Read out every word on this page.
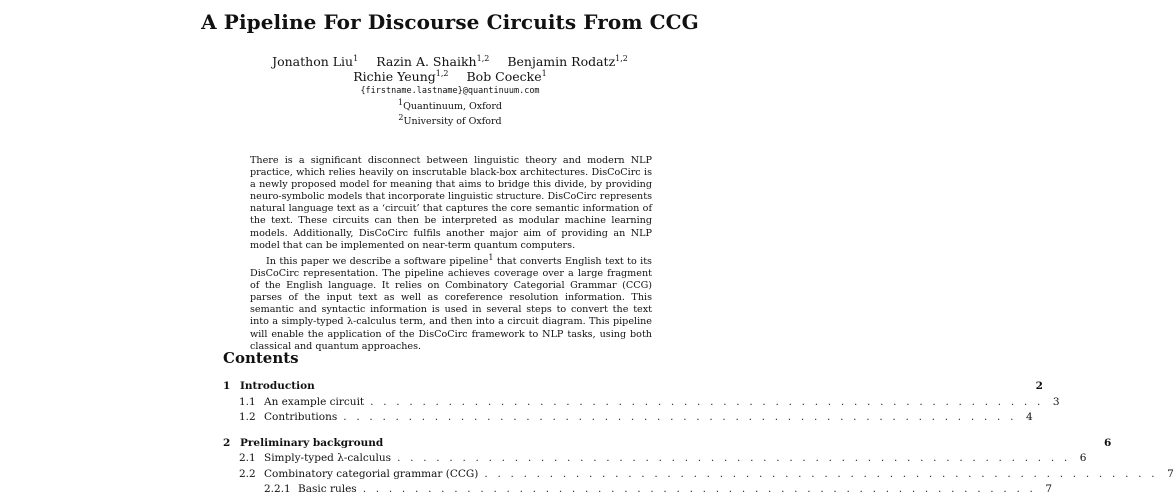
A Pipeline For Discourse Circuits From CCG
Jonathon Liu$^1$ Razin A. Shaikh$^{1,2}$ Benjamin Rodatz$^{1,2}$
Richie Yeung$^{1,2}$ Bob Coecke$^1$
{firstname.lastname}@quantinuum.com
$^1$Quantinuum, Oxford
$^2$University of Oxford

There is a significant disconnect between linguistic theory and modern NLP practice, which relies heavily on inscrutable black-box architectures. DisCoCirc is a newly proposed model for meaning that aims to bridge this divide, by providing neuro-symbolic models that incorporate linguistic structure. DisCoCirc represents natural language text as a ‘circuit’ that captures the core semantic information of the text. These circuits can then be interpreted as modular machine learning models. Additionally, DisCoCirc fulfils another major aim of providing an NLP model that can be implemented on near-term quantum computers.

In this paper we describe a software pipeline$^1$ that converts English text to its DisCoCirc representation. The pipeline achieves coverage over a large fragment of the English language. It relies on Combinatory Categorial Grammar (CCG) parses of the input text as well as coreference resolution information. This semantic and syntactic information is used in several steps to convert the text into a simply-typed λ-calculus term, and then into a circuit diagram. This pipeline will enable the application of the DisCoCirc framework to NLP tasks, using both classical and quantum approaches.

Contents
1 Introduction	2
1.1 An example circuit . . . . . . . . . . . . . . . . . . . . . . . . . . . . . . . . . . . . . . . . . . . . . . . . . . . . 3
1.2 Contributions . . . . . . . . . . . . . . . . . . . . . . . . . . . . . . . . . . . . . . . . . . . . . . . . . . . . 4
2 Preliminary background	6
2.1 Simply-typed λ-calculus . . . . . . . . . . . . . . . . . . . . . . . . . . . . . . . . . . . . . . . . . . . . . . . . . . . . 6
2.2 Combinatory categorial grammar (CCG) . . . . . . . . . . . . . . . . . . . . . . . . . . . . . . . . . . . . . . . . . . . . . . . . . . . . 7
2.2.1 Basic rules . . . . . . . . . . . . . . . . . . . . . . . . . . . . . . . . . . . . . . . . . . . . . . . . . . . . 7
